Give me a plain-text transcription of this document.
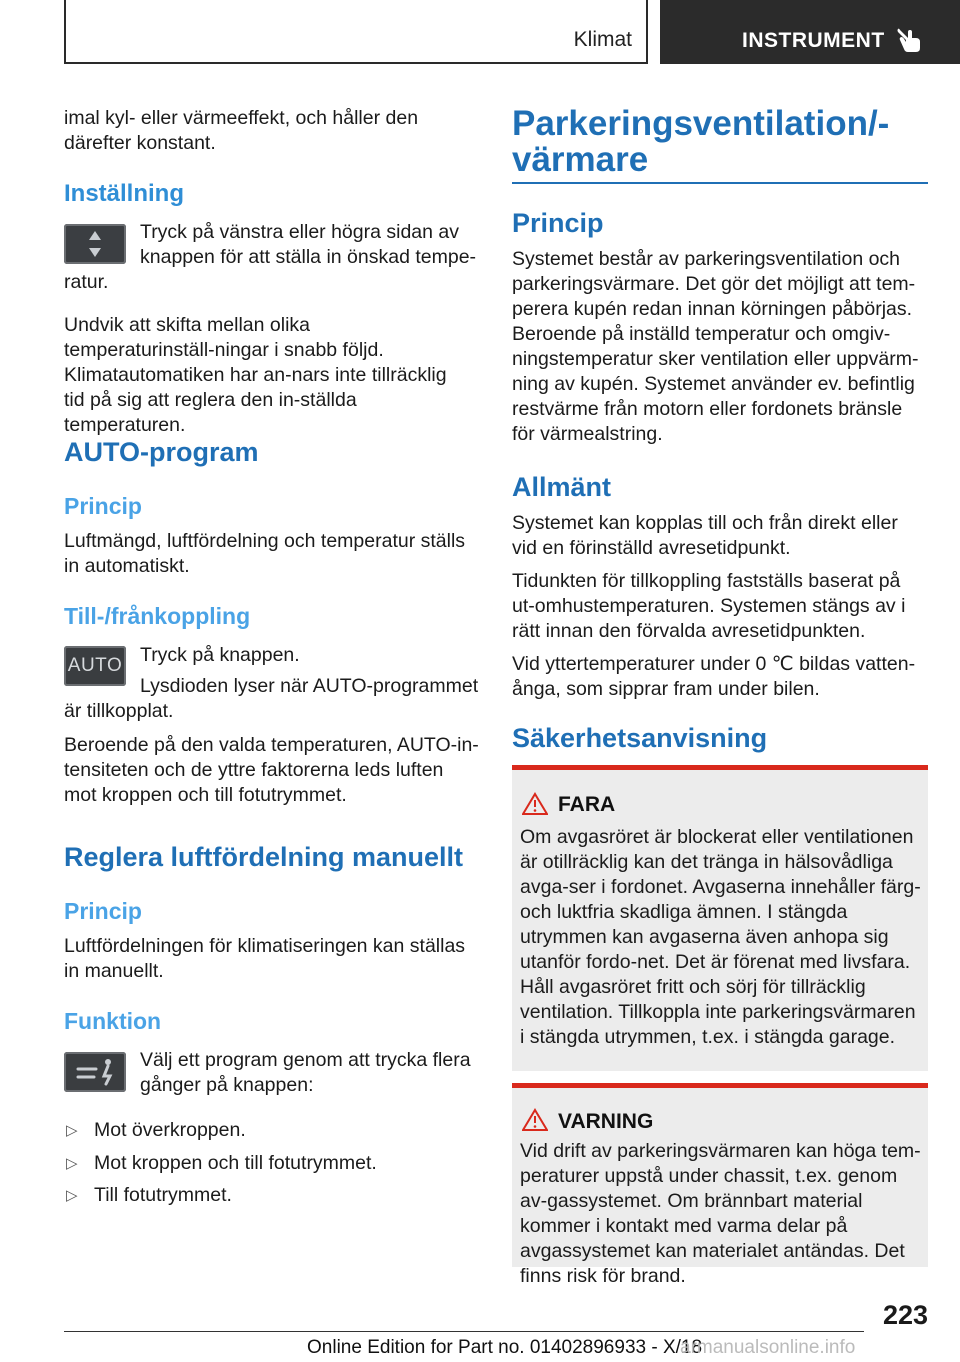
Klimat	INSTRUMENT

imal kyl- eller värmeeffekt, och håller den därefter konstant.

Inställning

Tryck på vänstra eller högra sidan av

knappen för att ställa in önskad tempe-

ratur.

Undvik att skifta mellan olika temperaturinställ-ningar i snabb följd. Klimatautomatiken har an-nars inte tillräcklig tid på sig att reglera den in-ställda temperaturen.

AUTO-program
Princip

Luftmängd, luftfördelning och temperatur ställs in automatiskt.

Till-/frånkoppling
AUTO Tryck på knappen.

Lysdioden lyser när AUTO-programmet

är tillkopplat.

Beroende på den valda temperaturen, AUTO-in-tensiteten och de yttre faktorerna leds luften mot kroppen och till fotutrymmet.

Reglera luftfördelning manuellt
Princip

Luftfördelningen för klimatiseringen kan ställas in manuellt.

Funktion

Välj ett program genom att trycka flera

gånger på knappen:

▷ Mot överkroppen.

▷ Mot kroppen och till fotutrymmet.

▷ Till fotutrymmet.

Parkeringsventilation/-
värmare
Princip

Systemet består av parkeringsventilation och parkeringsvärmare. Det gör det möjligt att tem-perera kupén redan innan körningen påbörjas. Beroende på inställd temperatur och omgiv-ningstemperatur sker ventilation eller uppvärm-ning av kupén. Systemet använder ev. befintlig restvärme från motorn eller fordonets bränsle för värmealstring.

Allmänt

Systemet kan kopplas till och från direkt eller vid en förinställd avresetidpunkt.

Tidunkten för tillkoppling fastställs baserat på ut-omhustemperaturen. Systemen stängs av i rätt innan den förvalda avresetidpunkten.

Vid yttertemperaturer under 0 ℃ bildas vatten-ånga, som sipprar fram under bilen.

Säkerhetsanvisning
FARA

Om avgasröret är blockerat eller ventilationen är otillräcklig kan det tränga in hälsovådliga avga-ser i fordonet. Avgaserna innehåller färg- och luktfria skadliga ämnen. I stängda utrymmen kan avgaserna även anhopa sig utanför fordo-net. Det är förenat med livsfara. Håll avgasröret fritt och sörj för tillräcklig ventilation. Tillkoppla inte parkeringsvärmaren i stängda utrymmen, t.ex. i stängda garage.

VARNING

Vid drift av parkeringsvärmaren kan höga tem-peraturer uppstå under chassit, t.ex. genom av-gassystemet. Om brännbart material kommer i kontakt med varma delar på avgassystemet kan materialet antändas. Det finns risk för brand.

223
Online Edition for Part no. 01402896933 - X/18
armanualsonline.info
